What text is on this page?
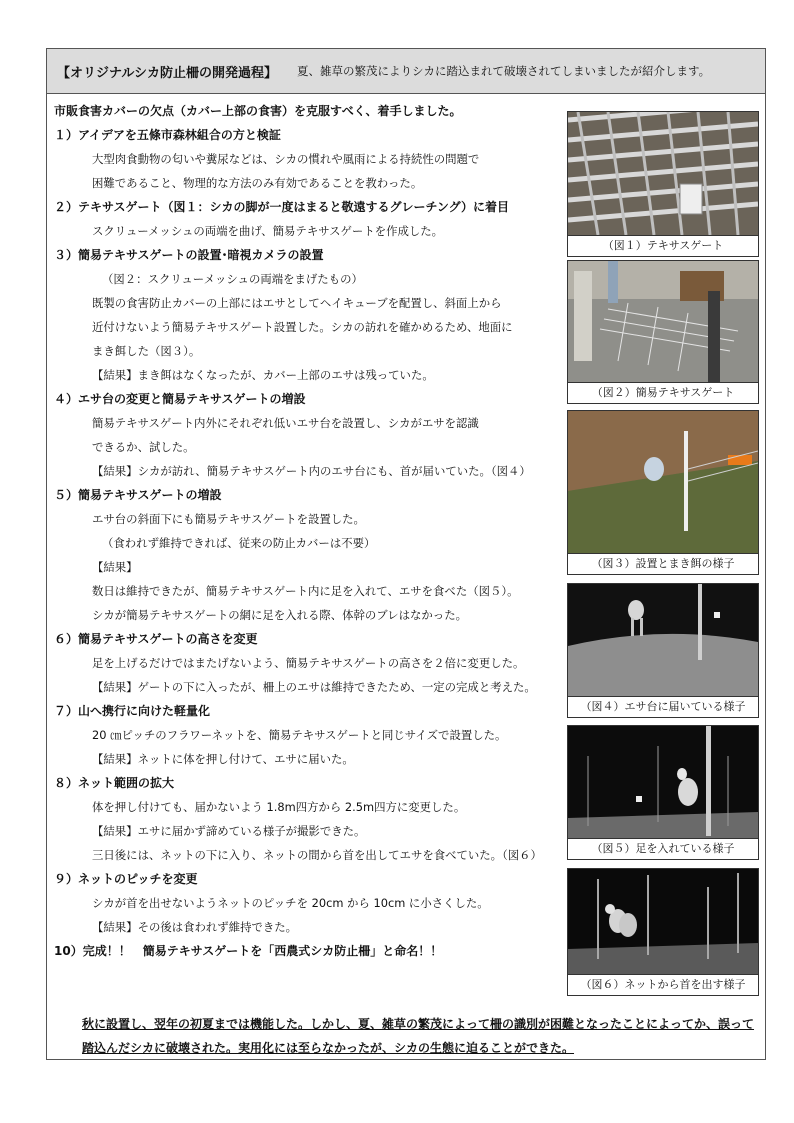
【オリジナルシカ防止柵の開発過程】 夏、雑草の繁茂によりシカに踏込まれて破壊されてしまいましたが紹介します。
市販食害カバーの欠点（カバー上部の食害）を克服すべく、着手しました。
１）アイデアを五條市森林組合の方と検証
大型肉食動物の匂いや糞尿などは、シカの慣れや風雨による持続性の問題で
困難であること、物理的な方法のみ有効であることを教わった。
２）テキサスゲート（図１：シカの脚が一度はまると敬遠するグレーチング）に着目
スクリューメッシュの両端を曲げ、簡易テキサスゲートを作成した。
３）簡易テキサスゲートの設置･暗視カメラの設置
（図２：スクリューメッシュの両端をまげたもの）
既製の食害防止カバーの上部にはエサとしてヘイキューブを配置し、斜面上から
近付けないよう簡易テキサスゲート設置した。シカの訪れを確かめるため、地面に
まき餌した（図３）。
【結果】まき餌はなくなったが、カバー上部のエサは残っていた。
４）エサ台の変更と簡易テキサスゲートの増設
簡易テキサスゲート内外にそれぞれ低いエサ台を設置し、シカがエサを認識
できるか、試した。
【結果】シカが訪れ、簡易テキサスゲート内のエサ台にも、首が届いていた。（図４）
５）簡易テキサスゲートの増設
エサ台の斜面下にも簡易テキサスゲートを設置した。
（食われず維持できれば、従来の防止カバーは不要）
【結果】
数日は維持できたが、簡易テキサスゲート内に足を入れて、エサを食べた（図５）。
シカが簡易テキサスゲートの網に足を入れる際、体幹のブレはなかった。
６）簡易テキサスゲートの高さを変更
足を上げるだけではまたげないよう、簡易テキサスゲートの高さを２倍に変更した。
【結果】ゲートの下に入ったが、柵上のエサは維持できたため、一定の完成と考えた。
７）山へ携行に向けた軽量化
20 ㎝ピッチのフラワーネットを、簡易テキサスゲートと同じサイズで設置した。
【結果】ネットに体を押し付けて、エサに届いた。
８）ネット範囲の拡大
体を押し付けても、届かないよう 1.8m四方から 2.5m四方に変更した。
【結果】エサに届かず諦めている様子が撮影できた。
三日後には、ネットの下に入り、ネットの間から首を出してエサを食べていた。（図６）
９）ネットのピッチを変更
シカが首を出せないようネットのピッチを 20cm から 10cm に小さくした。
【結果】その後は食われず維持できた。
10）完成！！　簡易テキサスゲートを「西農式シカ防止柵」と命名！！
（図１）テキサスゲート
（図２）簡易テキサスゲート
（図３）設置とまき餌の様子
（図４）エサ台に届いている様子
（図５）足を入れている様子
（図６）ネットから首を出す様子
秋に設置し、翌年の初夏までは機能した。しかし、夏、雑草の繁茂によって柵の識別が困難となったことによってか、誤って踏込んだシカに破壊された。実用化には至らなかったが、シカの生態に迫ることができた。
